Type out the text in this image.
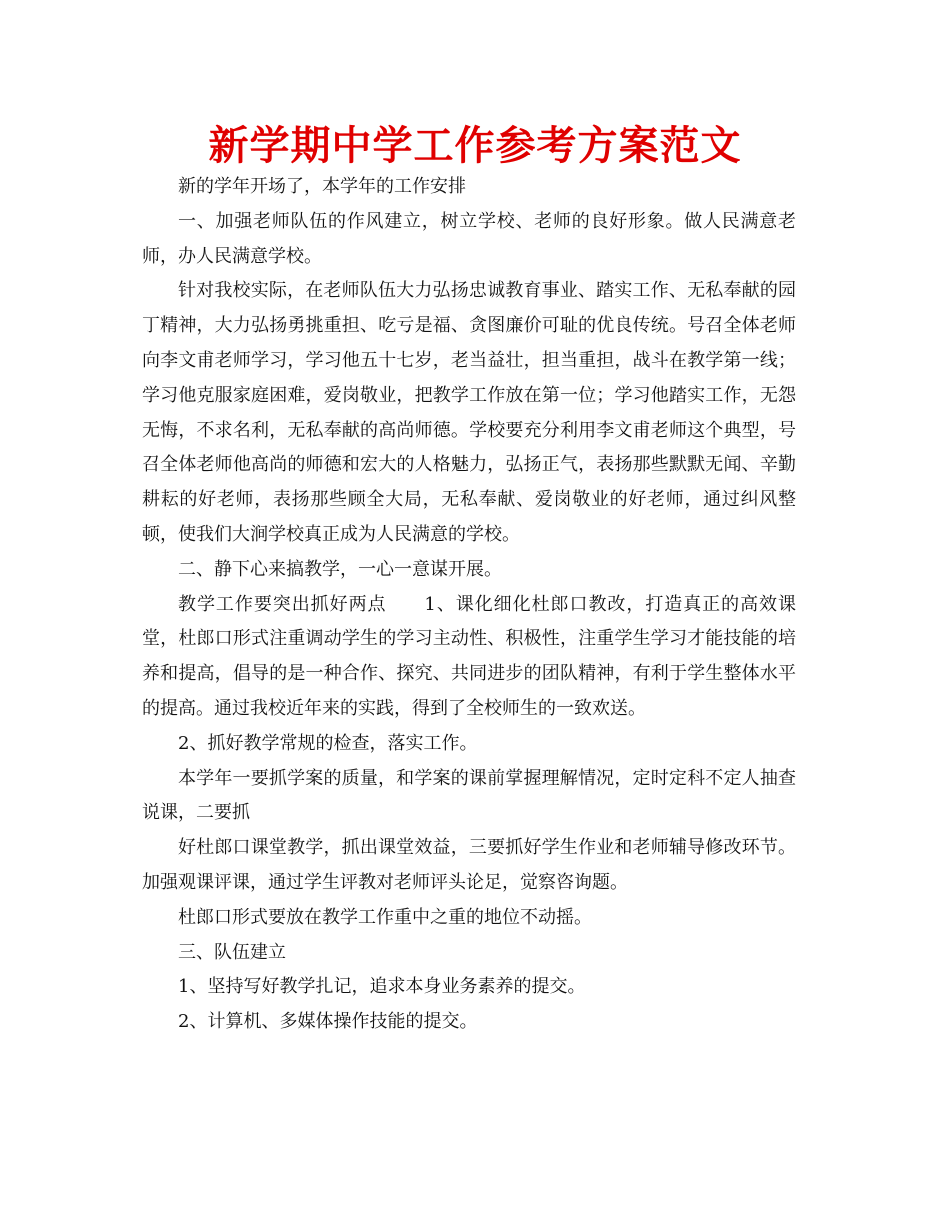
新学期中学工作参考方案范文

新的学年开场了，本学年的工作安排

一、加强老师队伍的作风建立，树立学校、老师的良好形象。做人民满意老师，办人民满意学校。

针对我校实际，在老师队伍大力弘扬忠诚教育事业、踏实工作、无私奉献的园丁精神，大力弘扬勇挑重担、吃亏是福、贪图廉价可耻的优良传统。号召全体老师向李文甫老师学习，学习他五十七岁，老当益壮，担当重担，战斗在教学第一线；学习他克服家庭困难，爱岗敬业，把教学工作放在第一位；学习他踏实工作，无怨无悔，不求名利，无私奉献的高尚师德。学校要充分利用李文甫老师这个典型，号召全体老师他高尚的师德和宏大的人格魅力，弘扬正气，表扬那些默默无闻、辛勤耕耘的好老师，表扬那些顾全大局，无私奉献、爱岗敬业的好老师，通过纠风整顿，使我们大涧学校真正成为人民满意的学校。

二、静下心来搞教学，一心一意谋开展。

教学工作要突出抓好两点　　1、课化细化杜郎口教改，打造真正的高效课堂，杜郎口形式注重调动学生的学习主动性、积极性，注重学生学习才能技能的培养和提高，倡导的是一种合作、探究、共同进步的团队精神，有利于学生整体水平的提高。通过我校近年来的实践，得到了全校师生的一致欢送。

2、抓好教学常规的检查，落实工作。

本学年一要抓学案的质量，和学案的课前掌握理解情况，定时定科不定人抽查说课，二要抓

好杜郎口课堂教学，抓出课堂效益，三要抓好学生作业和老师辅导修改环节。加强观课评课，通过学生评教对老师评头论足，觉察咨询题。

杜郎口形式要放在教学工作重中之重的地位不动摇。

三、队伍建立

1、坚持写好教学扎记，追求本身业务素养的提交。

2、计算机、多媒体操作技能的提交。
